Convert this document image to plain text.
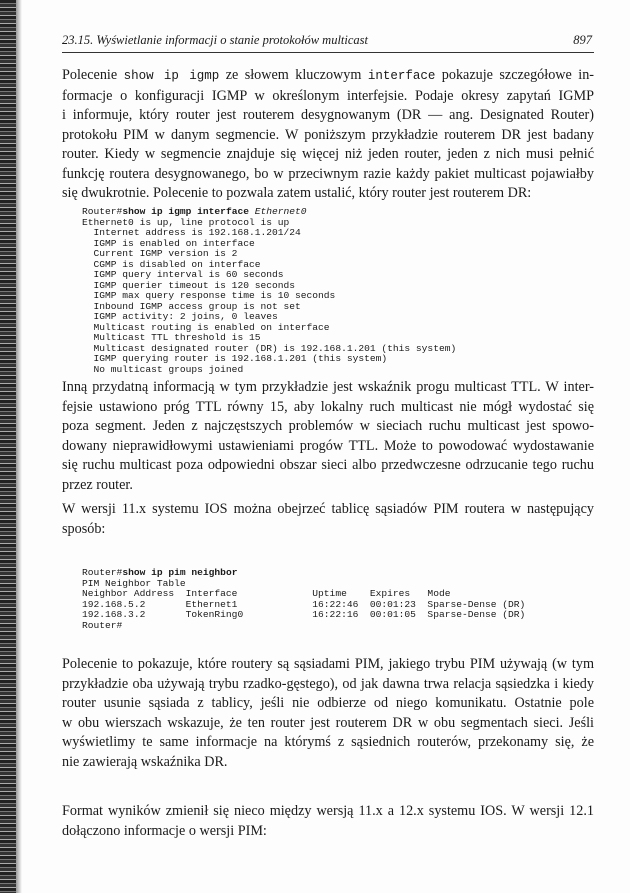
23.15. Wyświetlanie informacji o stanie protokołów multicast	897
Polecenie show ip igmp ze słowem kluczowym interface pokazuje szczegółowe in-
formacje o konfiguracji IGMP w określonym interfejsie. Podaje okresy zapytań IGMP
i informuje, który router jest routerem desygnowanym (DR — ang. Designated Router)
protokołu PIM w danym segmencie. W poniższym przykładzie routerem DR jest badany
router. Kiedy w segmencie znajduje się więcej niż jeden router, jeden z nich musi pełnić
funkcję routera desygnowanego, bo w przeciwnym razie każdy pakiet multicast pojawiałby
się dwukrotnie. Polecenie to pozwala zatem ustalić, który router jest routerem DR:
Router#show ip igmp interface Ethernet0
Ethernet0 is up, line protocol is up
Internet address is 192.168.1.201/24
IGMP is enabled on interface
Current IGMP version is 2
CGMP is disabled on interface
IGMP query interval is 60 seconds
IGMP querier timeout is 120 seconds
IGMP max query response time is 10 seconds
Inbound IGMP access group is not set
IGMP activity: 2 joins, 0 leaves
Multicast routing is enabled on interface
Multicast TTL threshold is 15
Multicast designated router (DR) is 192.168.1.201 (this system)
IGMP querying router is 192.168.1.201 (this system)
No multicast groups joined
Inną przydatną informacją w tym przykładzie jest wskaźnik progu multicast TTL. W inter-
fejsie ustawiono próg TTL równy 15, aby lokalny ruch multicast nie mógł wydostać się
poza segment. Jeden z najczęstszych problemów w sieciach ruchu multicast jest spowo-
dowany nieprawidłowymi ustawieniami progów TTL. Może to powodować wydostawanie
się ruchu multicast poza odpowiedni obszar sieci albo przedwczesne odrzucanie tego ruchu
przez router.
W wersji 11.x systemu IOS można obejrzeć tablicę sąsiadów PIM routera w następujący
sposób:
Router#show ip pim neighbor
PIM Neighbor Table
Neighbor Address  Interface             Uptime    Expires   Mode
192.168.5.2       Ethernet1             16:22:46  00:01:23  Sparse-Dense (DR)
192.168.3.2       TokenRing0            16:22:16  00:01:05  Sparse-Dense (DR)
Router#
Polecenie to pokazuje, które routery są sąsiadami PIM, jakiego trybu PIM używają (w tym
przykładzie oba używają trybu rzadko-gęstego), od jak dawna trwa relacja sąsiedzka i kiedy
router usunie sąsiada z tablicy, jeśli nie odbierze od niego komunikatu. Ostatnie pole
w obu wierszach wskazuje, że ten router jest routerem DR w obu segmentach sieci. Jeśli
wyświetlimy te same informacje na którymś z sąsiednich routerów, przekonamy się, że
nie zawierają wskaźnika DR.
Format wyników zmienił się nieco między wersją 11.x a 12.x systemu IOS. W wersji 12.1
dołączono informacje o wersji PIM:
